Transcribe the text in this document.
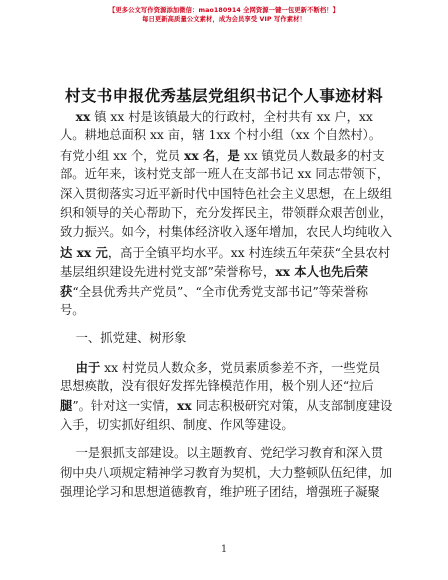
【更多公文写作资源添加微信：mao180914 全网资源一键一包更新不断档！】
每日更新高质量公文素材，成为会员享受 VIP 写作素材！
村支书申报优秀基层党组织书记个人事迹材料
xx 镇 xx 村是该镇最大的行政村，全村共有 xx 户，xx
人。耕地总面积 xx 亩，辖 1xx 个村小组（xx 个自然村）。
有党小组 xx 个，党员 xx 名，是 xx 镇党员人数最多的村支
部。近年来，该村党支部一班人在支部书记 xx 同志带领下，
深入贯彻落实习近平新时代中国特色社会主义思想，在上级组
织和领导的关心帮助下，充分发挥民主，带领群众艰苦创业，
致力振兴。如今，村集体经济收入逐年增加，农民人均纯收入
达 xx 元，高于全镇平均水平。xx 村连续五年荣获“全县农村
基层组织建设先进村党支部”荣誉称号，xx 本人也先后荣
获“全县优秀共产党员”、“全市优秀党支部书记”等荣誉称
号。
一、抓党建、树形象
由于 xx 村党员人数众多，党员素质参差不齐，一些党员
思想痪散，没有很好发挥先锋模范作用，极个别人还“拉后
腿”。针对这一实情，xx 同志积极研究对策，从支部制度建设
入手，切实抓好组织、制度、作风等建设。
一是狠抓支部建设。以主题教育、党纪学习教育和深入贯
彻中央八项规定精神学习教育为契机，大力整顿队伍纪律，加
强理论学习和思想道德教育，维护班子团结，增强班子凝聚
1
